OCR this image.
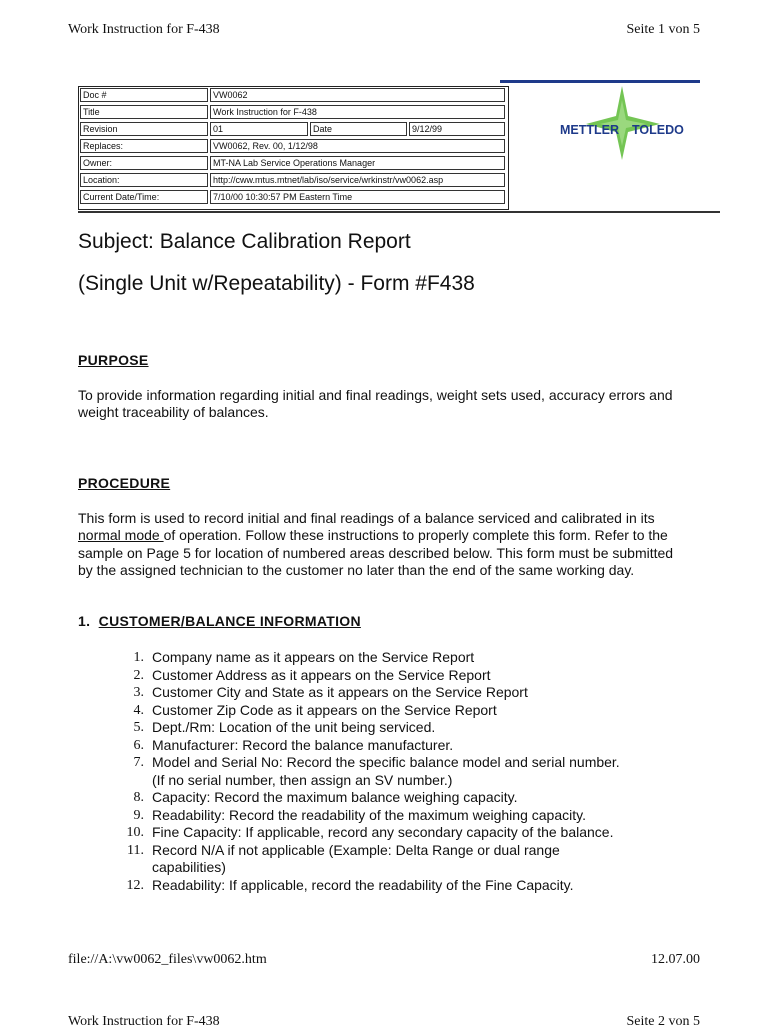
Work Instruction for F-438	Seite 1 von 5
Doc #	VW0062
Title	Work Instruction for F-438
Revision	01	Date	9/12/99
Replaces:	VW0062, Rev. 00, 1/12/98
Owner:	MT-NA Lab Service Operations Manager
Location:	http://cww.mtus.mtnet/lab/iso/service/wrkinstr/vw0062.asp
Current Date/Time:	7/10/00 10:30:57 PM Eastern Time
METTLER TOLEDO
Subject: Balance Calibration Report
(Single Unit w/Repeatability) - Form #F438
PURPOSE
To provide information regarding initial and final readings, weight sets used, accuracy errors and weight traceability of balances.
PROCEDURE
This form is used to record initial and final readings of a balance serviced and calibrated in its normal mode of operation. Follow these instructions to properly complete this form. Refer to the sample on Page 5 for location of numbered areas described below. This form must be submitted by the assigned technician to the customer no later than the end of the same working day.
1. CUSTOMER/BALANCE INFORMATION
1. Company name as it appears on the Service Report
2. Customer Address as it appears on the Service Report
3. Customer City and State as it appears on the Service Report
4. Customer Zip Code as it appears on the Service Report
5. Dept./Rm: Location of the unit being serviced.
6. Manufacturer: Record the balance manufacturer.
7. Model and Serial No: Record the specific balance model and serial number. (If no serial number, then assign an SV number.)
8. Capacity: Record the maximum balance weighing capacity.
9. Readability: Record the readability of the maximum weighing capacity.
10. Fine Capacity: If applicable, record any secondary capacity of the balance.
11. Record N/A if not applicable (Example: Delta Range or dual range capabilities)
12. Readability: If applicable, record the readability of the Fine Capacity.
file://A:\vw0062_files\vw0062.htm	12.07.00
Work Instruction for F-438	Seite 2 von 5
